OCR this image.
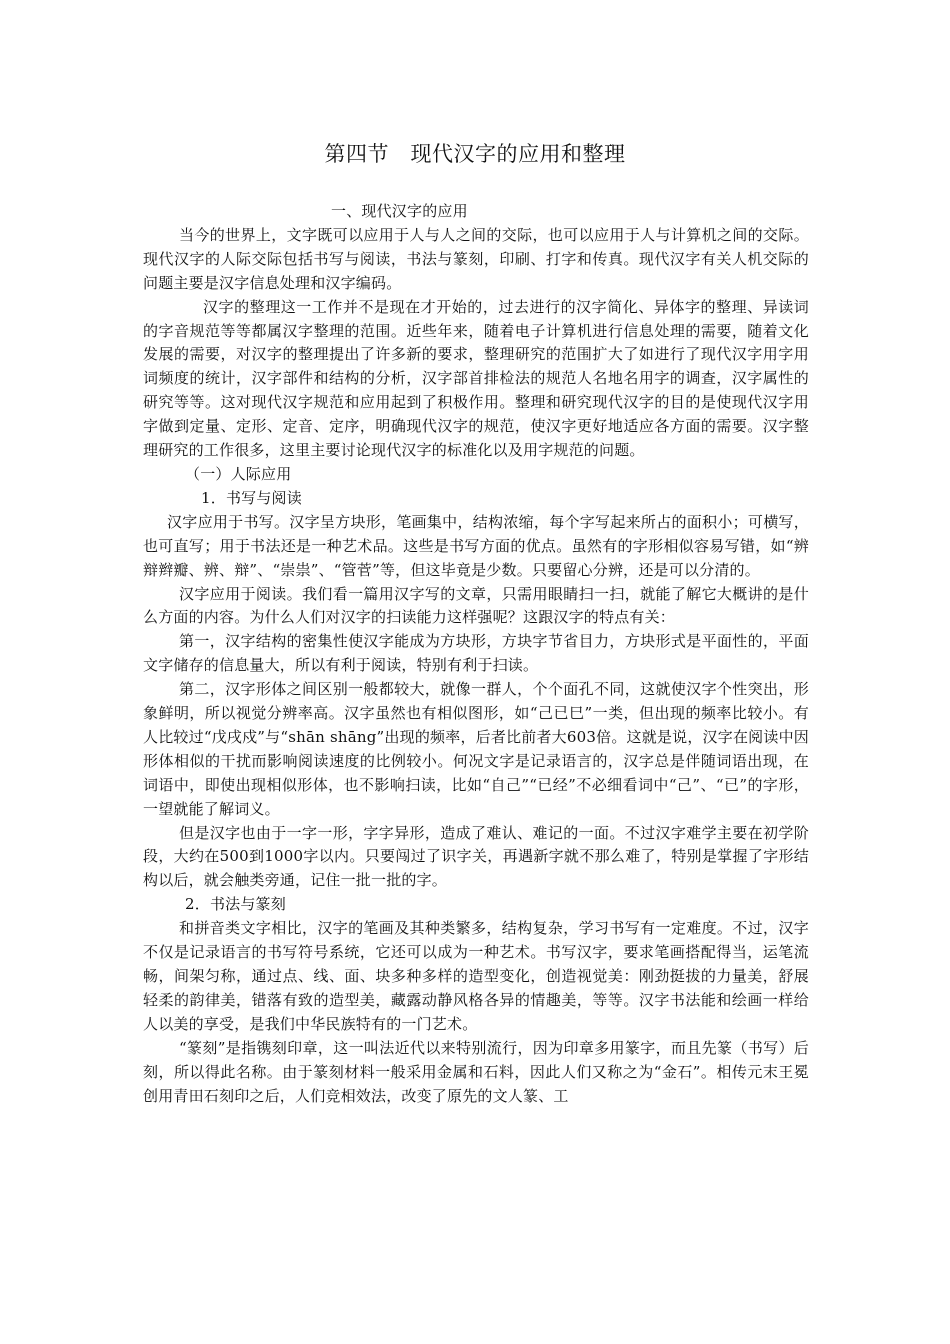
第四节　现代汉字的应用和整理

一、现代汉字的应用

当今的世界上，文字既可以应用于人与人之间的交际，也可以应用于人与计算机之间的交际。现代汉字的人际交际包括书写与阅读，书法与篆刻，印刷、打字和传真。现代汉字有关人机交际的问题主要是汉字信息处理和汉字编码。

汉字的整理这一工作并不是现在才开始的，过去进行的汉字简化、异体字的整理、异读词的字音规范等等都属汉字整理的范围。近些年来，随着电子计算机进行信息处理的需要，随着文化发展的需要，对汉字的整理提出了许多新的要求，整理研究的范围扩大了如进行了现代汉字用字用词频度的统计，汉字部件和结构的分析，汉字部首排检法的规范人名地名用字的调查，汉字属性的研究等等。这对现代汉字规范和应用起到了积极作用。整理和研究现代汉字的目的是使现代汉字用字做到定量、定形、定音、定序，明确现代汉字的规范，使汉字更好地适应各方面的需要。汉字整理研究的工作很多，这里主要讨论现代汉字的标准化以及用字规范的问题。

（一）人际应用

1．书写与阅读

汉字应用于书写。汉字呈方块形，笔画集中，结构浓缩，每个字写起来所占的面积小；可横写，也可直写；用于书法还是一种艺术品。这些是书写方面的优点。虽然有的字形相似容易写错，如“辨辩辫瓣、辨、辩”、“崇祟”、“管菅”等，但这毕竟是少数。只要留心分辨，还是可以分清的。

汉字应用于阅读。我们看一篇用汉字写的文章，只需用眼睛扫一扫，就能了解它大概讲的是什么方面的内容。为什么人们对汉字的扫读能力这样强呢？这跟汉字的特点有关：

第一，汉字结构的密集性使汉字能成为方块形，方块字节省目力，方块形式是平面性的，平面文字储存的信息量大，所以有利于阅读，特别有利于扫读。

第二，汉字形体之间区别一般都较大，就像一群人，个个面孔不同，这就使汉字个性突出，形象鲜明，所以视觉分辨率高。汉字虽然也有相似图形，如“己已巳”一类，但出现的频率比较小。有人比较过“戊戌戍”与“shān shāng”出现的频率，后者比前者大603倍。这就是说，汉字在阅读中因形体相似的干扰而影响阅读速度的比例较小。何况文字是记录语言的，汉字总是伴随词语出现，在词语中，即使出现相似形体，也不影响扫读，比如“自己”“已经”不必细看词中“己”、“已”的字形，一望就能了解词义。

但是汉字也由于一字一形，字字异形，造成了难认、难记的一面。不过汉字难学主要在初学阶段，大约在500到1000字以内。只要闯过了识字关，再遇新字就不那么难了，特别是掌握了字形结构以后，就会触类旁通，记住一批一批的字。

2．书法与篆刻

和拼音类文字相比，汉字的笔画及其种类繁多，结构复杂，学习书写有一定难度。不过，汉字不仅是记录语言的书写符号系统，它还可以成为一种艺术。书写汉字，要求笔画搭配得当，运笔流畅，间架匀称，通过点、线、面、块多种多样的造型变化，创造视觉美：刚劲挺拔的力量美，舒展轻柔的韵律美，错落有致的造型美，藏露动静风格各异的情趣美，等等。汉字书法能和绘画一样给人以美的享受，是我们中华民族特有的一门艺术。

“篆刻”是指镌刻印章，这一叫法近代以来特别流行，因为印章多用篆字，而且先篆（书写）后刻，所以得此名称。由于篆刻材料一般采用金属和石料，因此人们又称之为“金石”。相传元末王冕创用青田石刻印之后，人们竞相效法，改变了原先的文人篆、工
